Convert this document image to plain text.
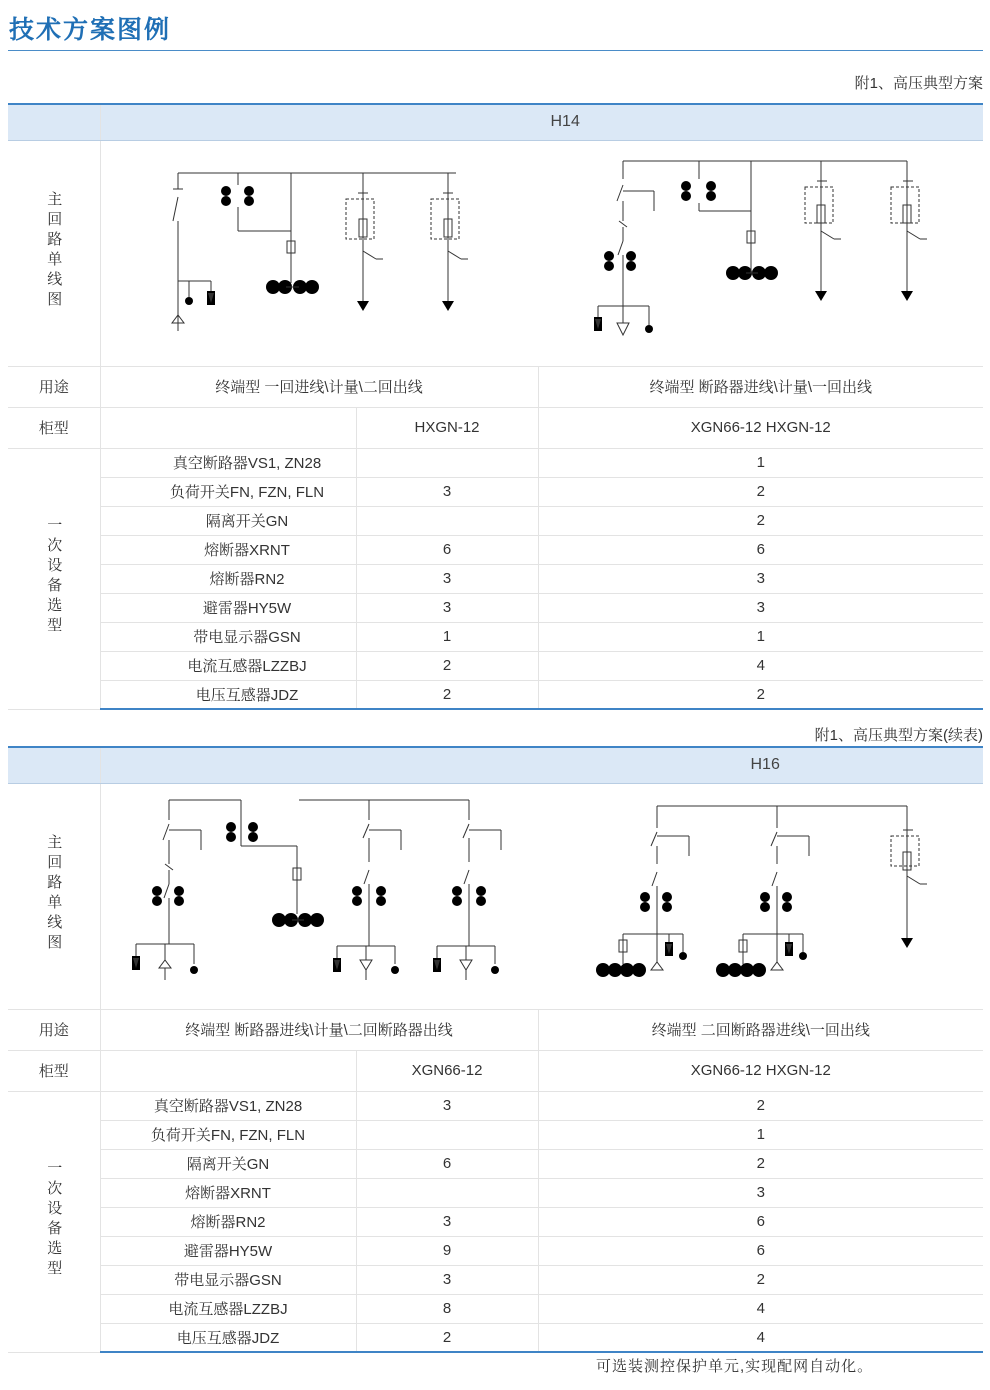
技术方案图例
附1、高压典型方案
	H14		
主回路单线图	

用途	终端型 一回进线\计量\二回出线		终端型 断路器进线\计量\一回出线
柜型		HXGN-12	XGN66-12 HXGN-12
一次设备选型	真空断路器VS1, ZN28		1
	负荷开关FN, FZN, FLN	3	2
	隔离开关GN		2
	熔断器XRNT	6	6
	熔断器RN2	3	3
	避雷器HY5W	3	3
	带电显示器GSN	1	1
	电流互感器LZZBJ	2	4
	电压互感器JDZ	2	2
附1、高压典型方案(续表)
	H16		
主回路单线图	

用途	终端型 断路器进线\计量\二回断路器出线		终端型 二回断路器进线\一回出线
柜型		XGN66-12	XGN66-12 HXGN-12
一次设备选型	真空断路器VS1, ZN28	3	2
	负荷开关FN, FZN, FLN		1
	隔离开关GN	6	2
	熔断器XRNT		3
	熔断器RN2	3	6
	避雷器HY5W	9	6
	带电显示器GSN	3	2
	电流互感器LZZBJ	8	4
	电压互感器JDZ	2	4
可选装测控保护单元,实现配网自动化。
